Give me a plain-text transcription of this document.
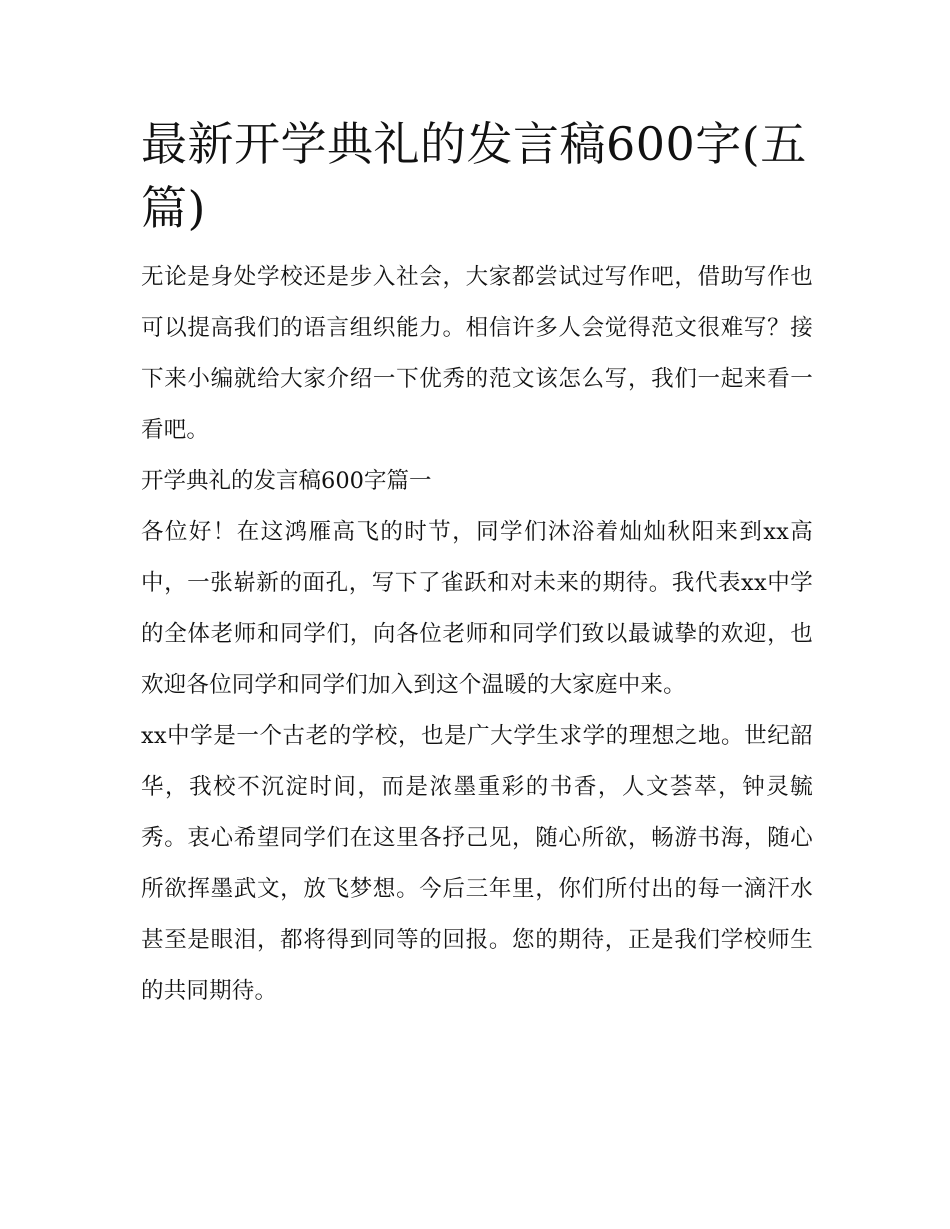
最新开学典礼的发言稿600字(五篇)

无论是身处学校还是步入社会，大家都尝试过写作吧，借助写作也可以提高我们的语言组织能力。相信许多人会觉得范文很难写？接下来小编就给大家介绍一下优秀的范文该怎么写，我们一起来看一看吧。

开学典礼的发言稿600字篇一

各位好！在这鸿雁高飞的时节，同学们沐浴着灿灿秋阳来到xx高中，一张崭新的面孔，写下了雀跃和对未来的期待。我代表xx中学的全体老师和同学们，向各位老师和同学们致以最诚挚的欢迎，也欢迎各位同学和同学们加入到这个温暖的大家庭中来。

xx中学是一个古老的学校，也是广大学生求学的理想之地。世纪韶华，我校不沉淀时间，而是浓墨重彩的书香，人文荟萃，钟灵毓秀。衷心希望同学们在这里各抒己见，随心所欲，畅游书海，随心所欲挥墨武文，放飞梦想。今后三年里，你们所付出的每一滴汗水甚至是眼泪，都将得到同等的回报。您的期待，正是我们学校师生的共同期待。
